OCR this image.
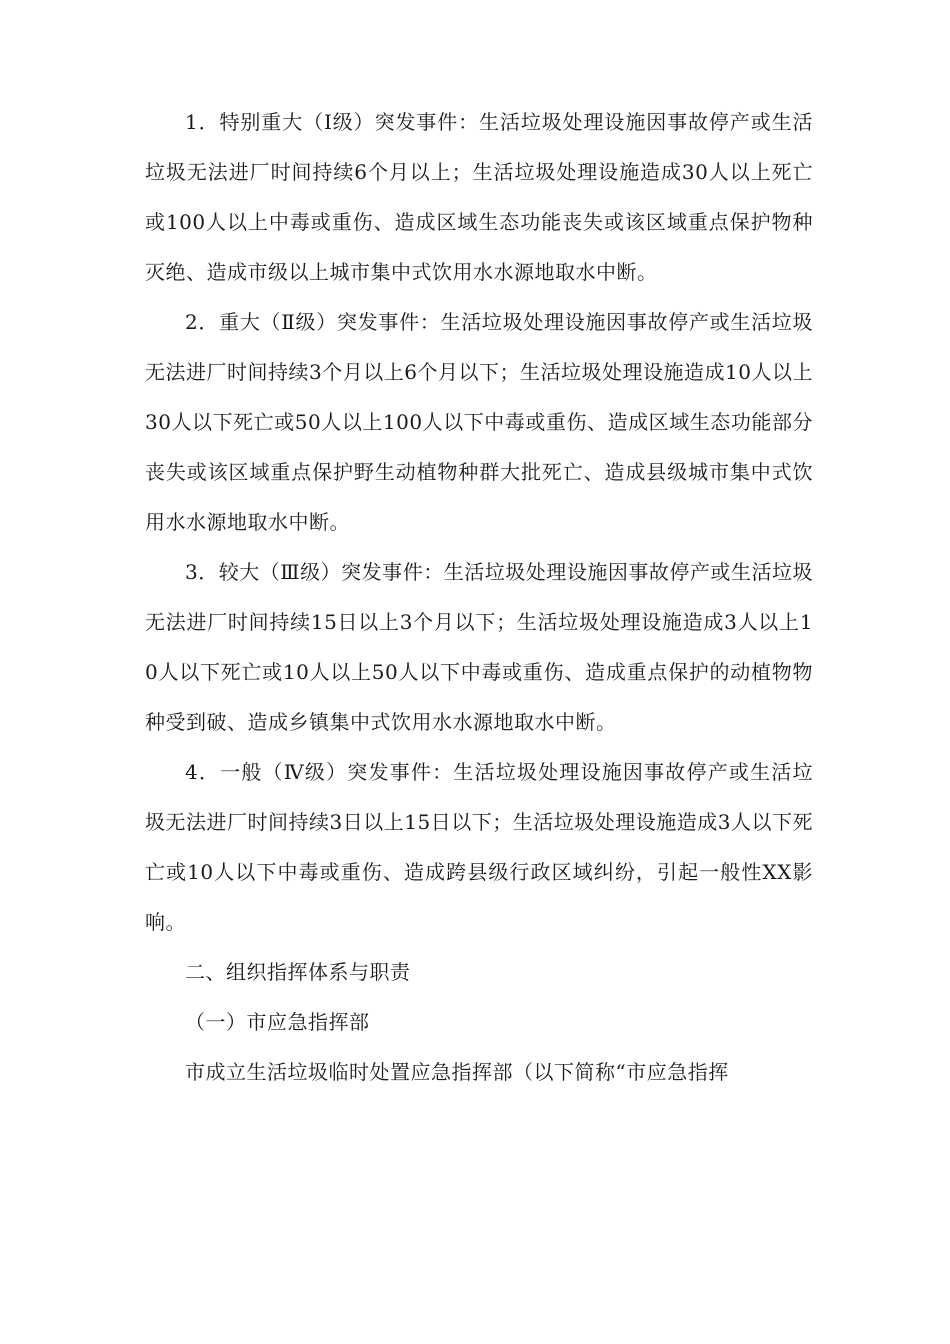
1．特别重大（Ⅰ级）突发事件：生活垃圾处理设施因事故停产或生活垃圾无法进厂时间持续6个月以上；生活垃圾处理设施造成30人以上死亡或100人以上中毒或重伤、造成区域生态功能丧失或该区域重点保护物种灭绝、造成市级以上城市集中式饮用水水源地取水中断。

2．重大（Ⅱ级）突发事件：生活垃圾处理设施因事故停产或生活垃圾无法进厂时间持续3个月以上6个月以下；生活垃圾处理设施造成10人以上30人以下死亡或50人以上100人以下中毒或重伤、造成区域生态功能部分丧失或该区域重点保护野生动植物种群大批死亡、造成县级城市集中式饮用水水源地取水中断。

3．较大（Ⅲ级）突发事件：生活垃圾处理设施因事故停产或生活垃圾无法进厂时间持续15日以上3个月以下；生活垃圾处理设施造成3人以上10人以下死亡或10人以上50人以下中毒或重伤、造成重点保护的动植物物种受到破、造成乡镇集中式饮用水水源地取水中断。

4．一般（Ⅳ级）突发事件：生活垃圾处理设施因事故停产或生活垃圾无法进厂时间持续3日以上15日以下；生活垃圾处理设施造成3人以下死亡或10人以下中毒或重伤、造成跨县级行政区域纠纷，引起一般性XX影响。

二、组织指挥体系与职责

（一）市应急指挥部

市成立生活垃圾临时处置应急指挥部（以下简称“市应急指挥
